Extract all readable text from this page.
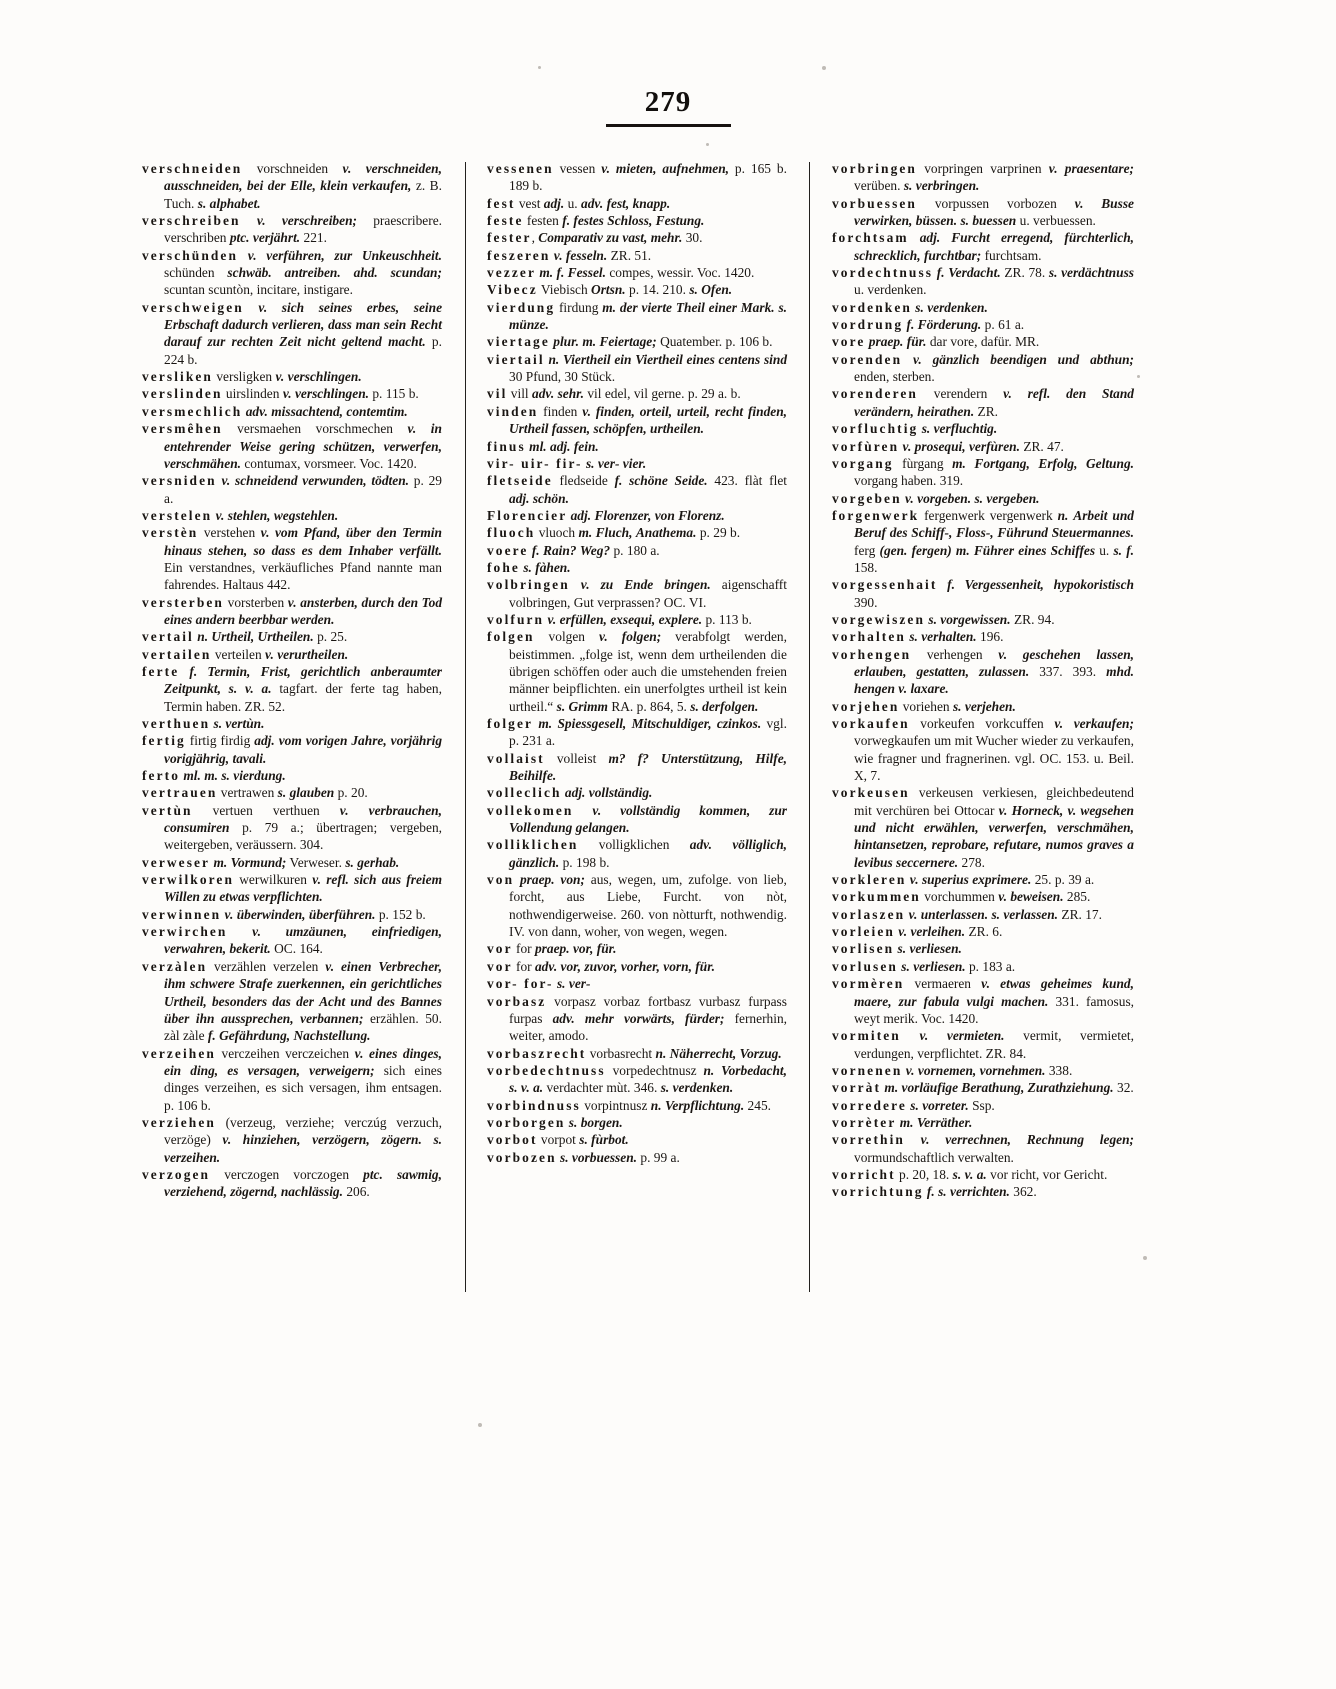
279

verschneiden vorschneiden v. verschneiden, ausschneiden, bei der Elle, klein verkaufen, z. B. Tuch. s. alphabet.

verschreiben v. verschreiben; praescribere. verschriben ptc. verjährt. 221.

verschünden v. verführen, zur Unkeuschheit. schünden schwäb. antreiben. ahd. scundan; scuntan scuntòn, incitare, instigare.

verschweigen v. sich seines erbes, seine Erbschaft dadurch verlieren, dass man sein Recht darauf zur rechten Zeit nicht geltend macht. p. 224 b.

versliken versligken v. verschlingen.

verslinden uirslinden v. verschlingen. p. 115 b.

versmechlich adv. missachtend, contemtim.

versmêhen versmaehen vorschmechen v. in entehrender Weise gering schützen, verwerfen, verschmähen. contumax, vorsmeer. Voc. 1420.

versniden v. schneidend verwunden, tödten. p. 29 a.

verstelen v. stehlen, wegstehlen.

verstèn verstehen v. vom Pfand, über den Termin hinaus stehen, so dass es dem Inhaber verfällt. Ein verstandnes, verkäufliches Pfand nannte man fahrendes. Haltaus 442.

versterben vorsterben v. ansterben, durch den Tod eines andern beerbbar werden.

vertail n. Urtheil, Urtheilen. p. 25.

vertailen verteilen v. verurtheilen.

ferte f. Termin, Frist, gerichtlich anberaumter Zeitpunkt, s. v. a. tagfart. der ferte tag haben, Termin haben. ZR. 52.

verthuen s. vertùn.

fertig firtig firdig adj. vom vorigen Jahre, vorjährig vorigjährig, tavali.

ferto ml. m. s. vierdung.

vertrauen vertrawen s. glauben p. 20.

vertùn vertuen verthuen v. verbrauchen, consumiren p. 79 a.; übertragen; vergeben, weitergeben, veräussern. 304.

verweser m. Vormund; Verweser. s. gerhab.

verwilkoren werwilkuren v. refl. sich aus freiem Willen zu etwas verpflichten.

verwinnen v. überwinden, überführen. p. 152 b.

verwirchen v. umzäunen, einfriedigen, verwahren, bekerit. OC. 164.

verzàlen verzählen verzelen v. einen Verbrecher, ihm schwere Strafe zuerkennen, ein gerichtliches Urtheil, besonders das der Acht und des Bannes über ihn aussprechen, verbannen; erzählen. 50. zàl zàle f. Gefährdung, Nachstellung.

verzeihen verczeihen verczeichen v. eines dinges, ein ding, es versagen, verweigern; sich eines dinges verzeihen, es sich versagen, ihm entsagen. p. 106 b.

verziehen (verzeug, verziehe; verczúg verzuch, verzöge) v. hinziehen, verzögern, zögern. s. verzeihen.

verzogen verczogen vorczogen ptc. sawmig, verziehend, zögernd, nachlässig. 206.

vessenen vessen v. mieten, aufnehmen, p. 165 b. 189 b.

fest vest adj. u. adv. fest, knapp.

feste festen f. festes Schloss, Festung.

fester, Comparativ zu vast, mehr. 30.

feszeren v. fesseln. ZR. 51.

vezzer m. f. Fessel. compes, wessir. Voc. 1420.

Vibecz Viebisch Ortsn. p. 14. 210. s. Ofen.

vierdung firdung m. der vierte Theil einer Mark. s. münze.

viertage plur. m. Feiertage; Quatember. p. 106 b.

viertail n. Viertheil ein Viertheil eines centens sind 30 Pfund, 30 Stück.

vil vill adv. sehr. vil edel, vil gerne. p. 29 a. b.

vinden finden v. finden, orteil, urteil, recht finden, Urtheil fassen, schöpfen, urtheilen.

finus ml. adj. fein.

vir- uir- fir- s. ver- vier.

fletseide fledseide f. schöne Seide. 423. flàt flet adj. schön.

Florencier adj. Florenzer, von Florenz.

fluoch vluoch m. Fluch, Anathema. p. 29 b.

voere f. Rain? Weg? p. 180 a.

fohe s. fàhen.

volbringen v. zu Ende bringen. aigenschafft volbringen, Gut verprassen? OC. VI.

volfurn v. erfüllen, exsequi, explere. p. 113 b.

folgen volgen v. folgen; verabfolgt werden, beistimmen. „folge ist, wenn dem urtheilenden die übrigen schöffen oder auch die umstehenden freien männer beipflichten. ein unerfolgtes urtheil ist kein urtheil.“ s. Grimm RA. p. 864, 5. s. derfolgen.

folger m. Spiessgesell, Mitschuldiger, czinkos. vgl. p. 231 a.

vollaist volleist m? f? Unterstützung, Hilfe, Beihilfe.

volleclich adj. vollständig.

vollekomen v. vollständig kommen, zur Vollendung gelangen.

volliklichen volligklichen adv. völliglich, gänzlich. p. 198 b.

von praep. von; aus, wegen, um, zufolge. von lieb, forcht, aus Liebe, Furcht. von nòt, nothwendigerweise. 260. von nòtturft, nothwendig. IV. von dann, woher, von wegen, wegen.

vor for praep. vor, für.

vor for adv. vor, zuvor, vorher, vorn, für.

vor- for- s. ver-

vorbasz vorpasz vorbaz fortbasz vurbasz furpass furpas adv. mehr vorwärts, fürder; fernerhin, weiter, amodo.

vorbaszrecht vorbasrecht n. Näherrecht, Vorzug.

vorbedechtnuss vorpedechtnusz n. Vorbedacht, s. v. a. verdachter mùt. 346. s. verdenken.

vorbindnuss vorpintnusz n. Verpflichtung. 245.

vorborgen s. borgen.

vorbot vorpot s. fùrbot.

vorbozen s. vorbuessen. p. 99 a.

vorbringen vorpringen varprinen v. praesentare; verüben. s. verbringen.

vorbuessen vorpussen vorbozen v. Busse verwirken, büssen. s. buessen u. verbuessen.

forchtsam adj. Furcht erregend, fürchterlich, schrecklich, furchtbar; furchtsam.

vordechtnuss f. Verdacht. ZR. 78. s. verdächtnuss u. verdenken.

vordenken s. verdenken.

vordrung f. Förderung. p. 61 a.

vore praep. für. dar vore, dafür. MR.

vorenden v. gänzlich beendigen und abthun; enden, sterben.

vorenderen verendern v. refl. den Stand verändern, heirathen. ZR.

vorfluchtig s. verfluchtig.

vorfùren v. prosequi, verfùren. ZR. 47.

vorgang fùrgang m. Fortgang, Erfolg, Geltung. vorgang haben. 319.

vorgeben v. vorgeben. s. vergeben.

forgenwerk fergenwerk vergenwerk n. Arbeit und Beruf des Schiff-, Floss-, Führund Steuermannes. ferg (gen. fergen) m. Führer eines Schiffes u. s. f. 158.

vorgessenhait f. Vergessenheit, hypokoristisch 390.

vorgewiszen s. vorgewissen. ZR. 94.

vorhalten s. verhalten. 196.

vorhengen verhengen v. geschehen lassen, erlauben, gestatten, zulassen. 337. 393. mhd. hengen v. laxare.

vorjehen voriehen s. verjehen.

vorkaufen vorkeufen vorkcuffen v. verkaufen; vorwegkaufen um mit Wucher wieder zu verkaufen, wie fragner und fragnerinen. vgl. OC. 153. u. Beil. X, 7.

vorkeusen verkeusen verkiesen, gleichbedeutend mit verchüren bei Ottocar v. Horneck, v. wegsehen und nicht erwählen, verwerfen, verschmähen, hintansetzen, reprobare, refutare, numos graves a levibus seccernere. 278.

vorkleren v. superius exprimere. 25. p. 39 a.

vorkummen vorchummen v. beweisen. 285.

vorlaszen v. unterlassen. s. verlassen. ZR. 17.

vorleien v. verleihen. ZR. 6.

vorlisen s. verliesen.

vorlusen s. verliesen. p. 183 a.

vormèren vermaeren v. etwas geheimes kund, maere, zur fabula vulgi machen. 331. famosus, weyt merik. Voc. 1420.

vormiten v. vermieten. vermit, vermietet, verdungen, verpflichtet. ZR. 84.

vornenen v. vornemen, vornehmen. 338.

vorràt m. vorläufige Berathung, Zurathziehung. 32.

vorredere s. vorreter. Ssp.

vorrèter m. Verräther.

vorrethin v. verrechnen, Rechnung legen; vormundschaftlich verwalten.

vorricht p. 20, 18. s. v. a. vor richt, vor Gericht.

vorrichtung f. s. verrichten. 362.
